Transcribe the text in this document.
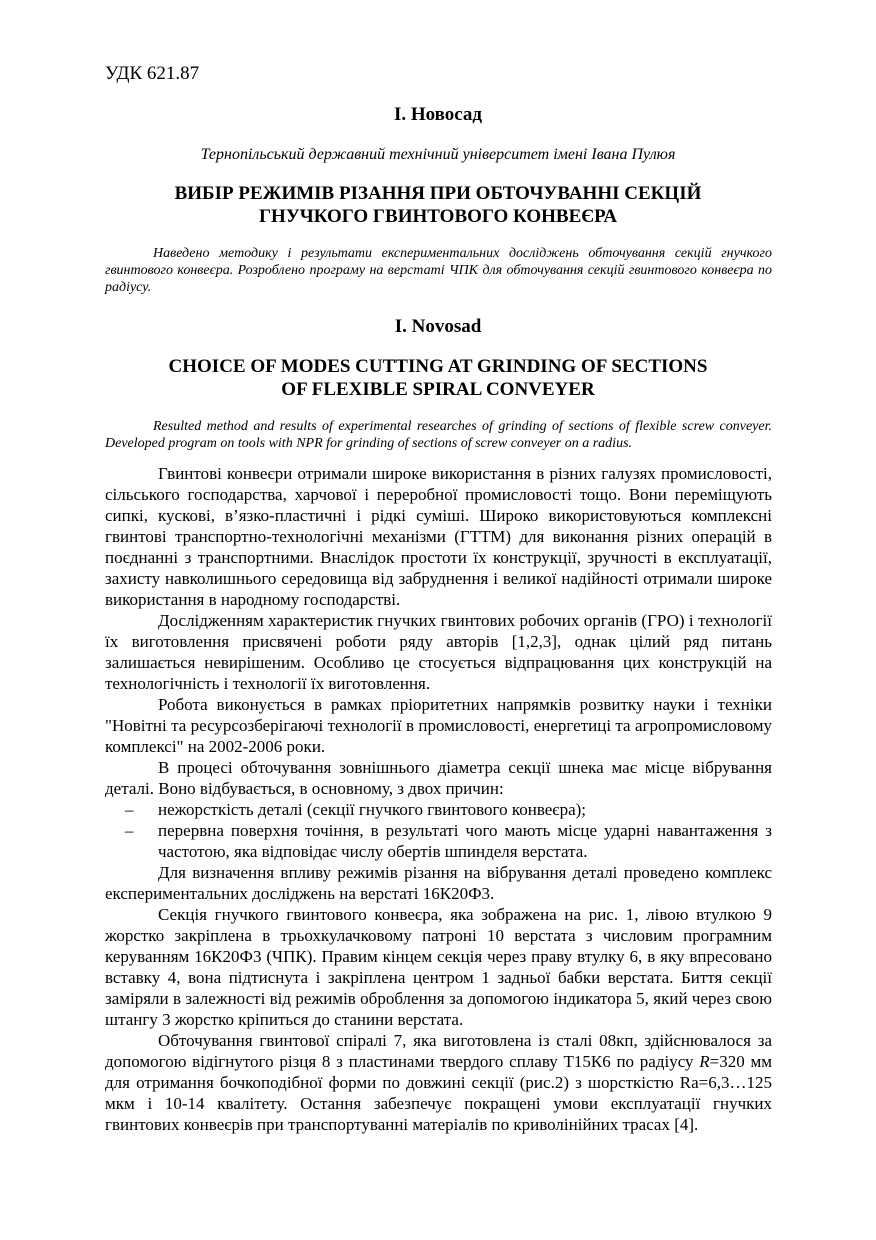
УДК 621.87
І. Новосад
Тернопільський державний технічний університет імені Івана Пулюя
ВИБІР РЕЖИМІВ РІЗАННЯ ПРИ ОБТОЧУВАННІ СЕКЦІЙ
ГНУЧКОГО ГВИНТОВОГО КОНВЕЄРА
Наведено методику і результати експериментальних досліджень обточування секцій гнучкого гвинтового конвеєра. Розроблено програму на верстаті ЧПК для обточування секцій гвинтового конвеєра по радіусу.
I. Novosad
CHOICE OF MODES CUTTING AT GRINDING OF SECTIONS
OF FLEXIBLE SPIRAL CONVEYER
Resulted method and results of experimental researches of grinding of sections of flexible screw conveyer. Developed program on tools with NPR for grinding of sections of screw conveyer on a radius.

Гвинтові конвеєри отримали широке використання в різних галузях промисловості, сільського господарства, харчової і переробної промисловості тощо. Вони переміщують сипкі, кускові, в’язко-пластичні і рідкі суміші. Широко використовуються комплексні гвинтові транспортно-технологічні механізми (ГТТМ) для виконання різних операцій в поєднанні з транспортними. Внаслідок простоти їх конструкції, зручності в експлуатації, захисту навколишнього середовища від забруднення і великої надійності отримали широке використання в народному господарстві.

Дослідженням характеристик гнучких гвинтових робочих органів (ГРО) і технології їх виготовлення присвячені роботи ряду авторів [1,2,3], однак цілий ряд питань залишається невирішеним. Особливо це стосується відпрацювання цих конструкцій на технологічність і технології їх виготовлення.

Робота виконується в рамках пріоритетних напрямків розвитку науки і техніки "Новітні та ресурсозберігаючі технології в промисловості, енергетиці та агропромисловому комплексі" на 2002-2006 роки.

В процесі обточування зовнішнього діаметра секції шнека має місце вібрування деталі. Воно відбувається, в основному, з двох причин:

– нежорсткість деталі (секції гнучкого гвинтового конвеєра);
– перервна поверхня точіння, в результаті чого мають місце ударні навантаження з частотою, яка відповідає числу обертів шпинделя верстата.

Для визначення впливу режимів різання на вібрування деталі проведено комплекс експериментальних досліджень на верстаті 16К20Ф3.

Секція гнучкого гвинтового конвеєра, яка зображена на рис. 1, лівою втулкою 9 жорстко закріплена в трьохкулачковому патроні 10 верстата з числовим програмним керуванням 16К20Ф3 (ЧПК). Правим кінцем секція через праву втулку 6, в яку впресовано вставку 4, вона підтиснута і закріплена центром 1 задньої бабки верстата. Биття секції заміряли в залежності від режимів оброблення за допомогою індикатора 5, який через свою штангу 3 жорстко кріпиться до станини верстата.

Обточування гвинтової спіралі 7, яка виготовлена із сталі 08кп, здійснювалося за допомогою відігнутого різця 8 з пластинами твердого сплаву Т15К6 по радіусу R=320 мм для отримання бочкоподібної форми по довжині секції (рис.2) з шорсткістю Ra=6,3…125 мкм і 10-14 квалітету. Остання забезпечує покращені умови експлуатації гнучких гвинтових конвеєрів при транспортуванні матеріалів по криволінійних трасах [4].
